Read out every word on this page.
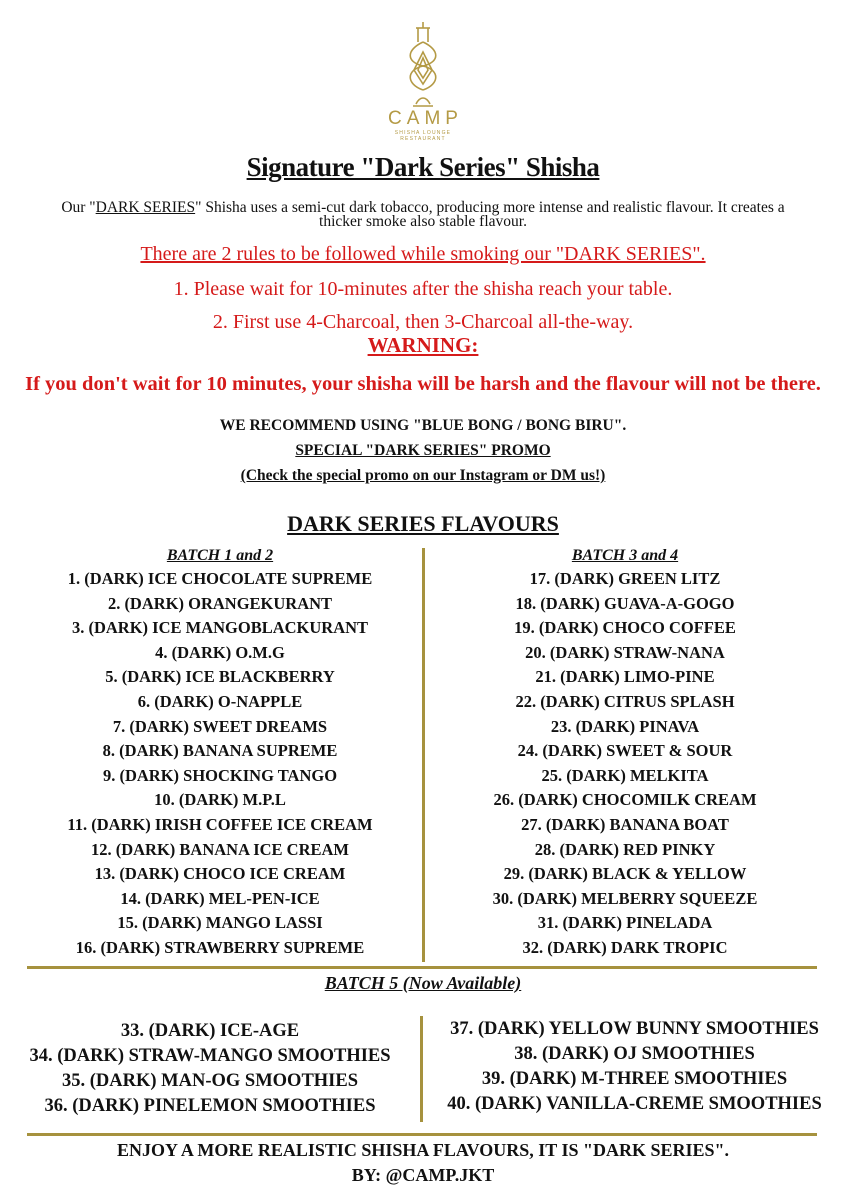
CAMP
SHISHA LOUNGE
RESTAURANT
Signature "Dark Series" Shisha
Our "DARK SERIES" Shisha uses a semi-cut dark tobacco, producing more intense and realistic flavour. It creates a thicker smoke also stable flavour.
There are 2 rules to be followed while smoking our "DARK SERIES".
1. Please wait for 10-minutes after the shisha reach your table.
2. First use 4-Charcoal, then 3-Charcoal all-the-way.
WARNING:
If you don't wait for 10 minutes, your shisha will be harsh and the flavour will not be there.
WE RECOMMEND USING "BLUE BONG / BONG BIRU".
SPECIAL "DARK SERIES" PROMO
(Check the special promo on our Instagram or DM us!)
DARK SERIES FLAVOURS
BATCH 1 and 2
1. (DARK) ICE CHOCOLATE SUPREME
2. (DARK) ORANGEKURANT
3. (DARK) ICE MANGOBLACKURANT
4. (DARK) O.M.G
5. (DARK) ICE BLACKBERRY
6. (DARK) O-NAPPLE
7. (DARK) SWEET DREAMS
8. (DARK) BANANA SUPREME
9. (DARK) SHOCKING TANGO
10. (DARK) M.P.L
11. (DARK) IRISH COFFEE ICE CREAM
12. (DARK) BANANA ICE CREAM
13. (DARK) CHOCO ICE CREAM
14. (DARK) MEL-PEN-ICE
15. (DARK) MANGO LASSI
16. (DARK) STRAWBERRY SUPREME
BATCH 3 and 4
17. (DARK) GREEN LITZ
18. (DARK) GUAVA-A-GOGO
19. (DARK) CHOCO COFFEE
20. (DARK) STRAW-NANA
21. (DARK) LIMO-PINE
22. (DARK) CITRUS SPLASH
23. (DARK) PINAVA
24. (DARK) SWEET & SOUR
25. (DARK) MELKITA
26. (DARK) CHOCOMILK CREAM
27. (DARK) BANANA BOAT
28. (DARK) RED PINKY
29. (DARK) BLACK & YELLOW
30. (DARK) MELBERRY SQUEEZE
31. (DARK) PINELADA
32. (DARK) DARK TROPIC
BATCH 5 (Now Available)
33. (DARK) ICE-AGE
34. (DARK) STRAW-MANGO SMOOTHIES
35. (DARK) MAN-OG SMOOTHIES
36. (DARK) PINELEMON SMOOTHIES
37. (DARK) YELLOW BUNNY SMOOTHIES
38. (DARK) OJ SMOOTHIES
39. (DARK) M-THREE SMOOTHIES
40. (DARK) VANILLA-CREME SMOOTHIES
ENJOY A MORE REALISTIC SHISHA FLAVOURS, IT IS "DARK SERIES".
BY: @CAMP.JKT
